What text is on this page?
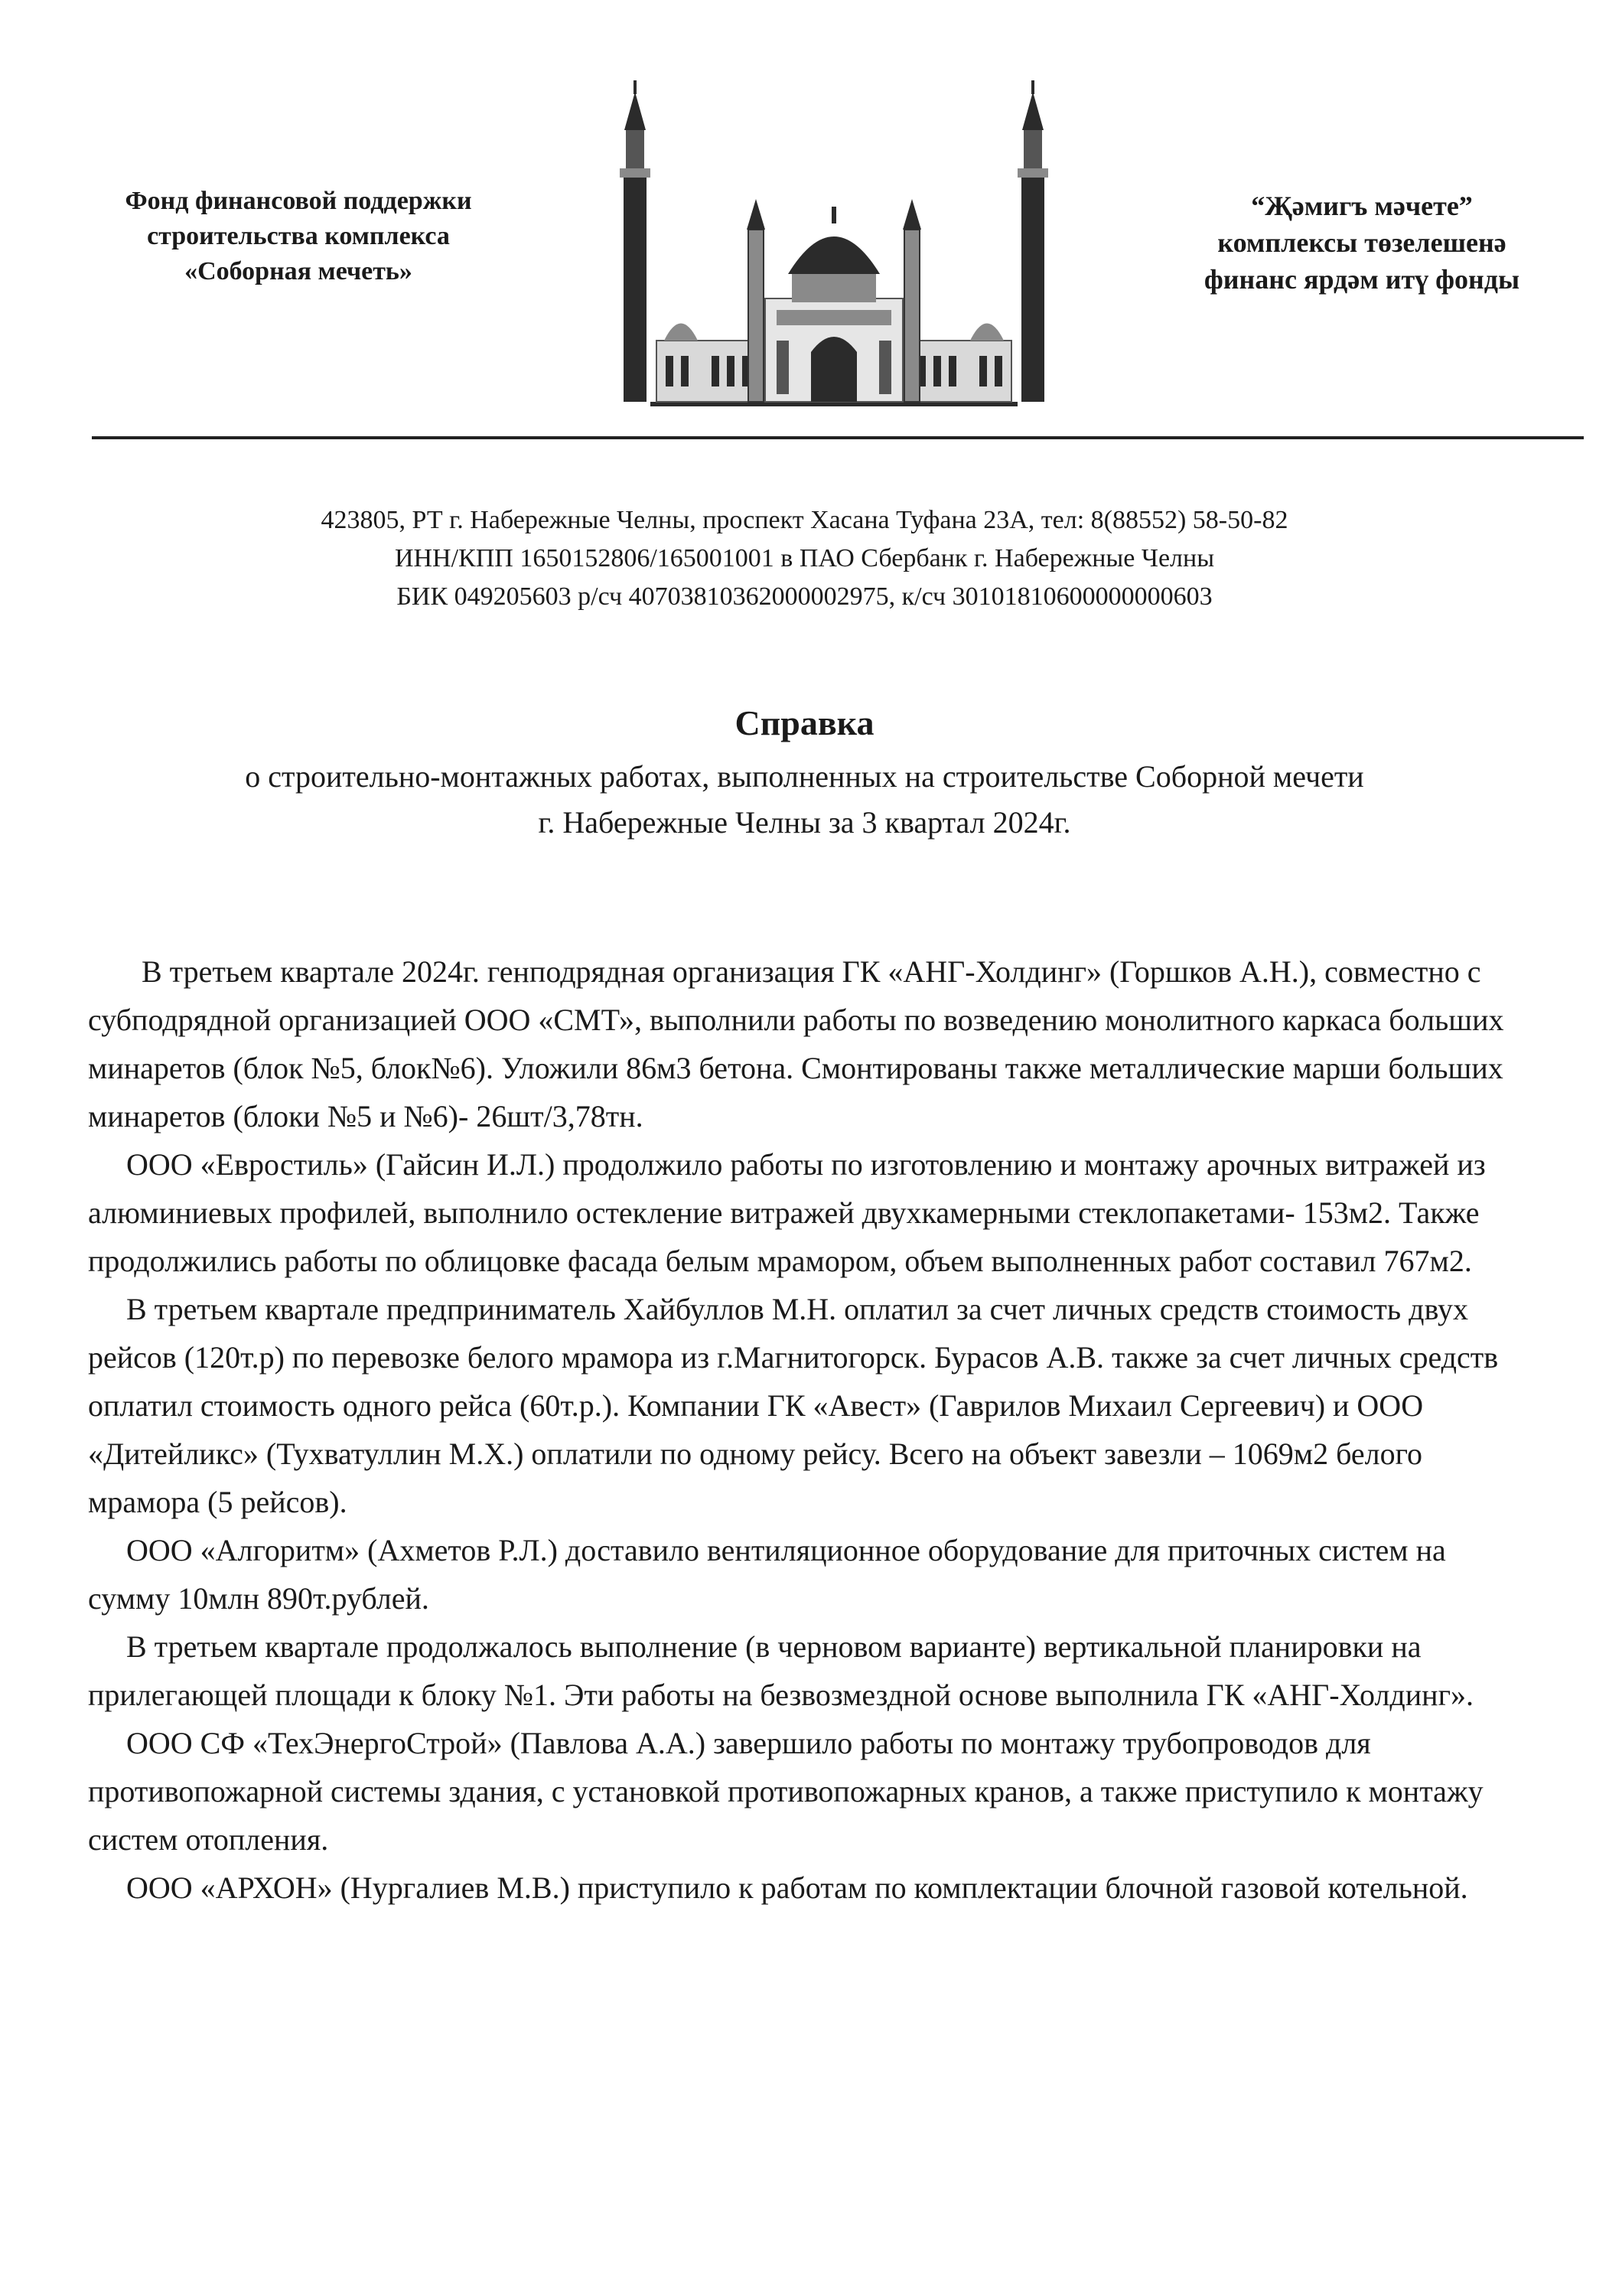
Фонд финансовой поддержки
строительства комплекса
«Соборная мечеть»
“Җәмигъ мәчете”
комплексы төзелешенә
финанс ярдәм итү фонды
423805, РТ г. Набережные Челны, проспект Хасана Туфана 23А, тел: 8(88552) 58-50-82
ИНН/КПП 1650152806/165001001 в ПАО Сбербанк г. Набережные Челны
БИК 049205603 р/сч 40703810362000002975, к/сч 30101810600000000603
Справка
о строительно-монтажных работах, выполненных на строительстве Соборной мечети
г. Набережные Челны за 3 квартал 2024г.

В третьем квартале 2024г. генподрядная организация ГК «АНГ-Холдинг» (Горшков А.Н.), совместно с субподрядной организацией ООО «СМТ», выполнили работы по возведению монолитного каркаса больших минаретов (блок №5, блок№6). Уложили 86м3 бетона. Смонтированы также металлические марши больших минаретов (блоки №5 и №6)- 26шт/3,78тн.

ООО «Евростиль» (Гайсин И.Л.) продолжило работы по изготовлению и монтажу арочных витражей из алюминиевых профилей, выполнило остекление витражей двухкамерными стеклопакетами- 153м2. Также продолжились работы по облицовке фасада белым мрамором, объем выполненных работ составил 767м2.

В третьем квартале предприниматель Хайбуллов М.Н. оплатил за счет личных средств стоимость двух рейсов (120т.р) по перевозке белого мрамора из г.Магнитогорск. Бурасов А.В. также за счет личных средств оплатил стоимость одного рейса (60т.р.). Компании ГК «Авест» (Гаврилов Михаил Сергеевич) и ООО «Дитейликс» (Тухватуллин М.Х.) оплатили по одному рейсу. Всего на объект завезли – 1069м2 белого мрамора (5 рейсов).

ООО «Алгоритм» (Ахметов Р.Л.) доставило вентиляционное оборудование для приточных систем на сумму 10млн 890т.рублей.

В третьем квартале продолжалось выполнение (в черновом варианте) вертикальной планировки на прилегающей площади к блоку №1. Эти работы на безвозмездной основе выполнила ГК «АНГ-Холдинг».

ООО СФ «ТехЭнергоСтрой» (Павлова А.А.) завершило работы по монтажу трубопроводов для противопожарной системы здания, с установкой противопожарных кранов, а также приступило к монтажу систем отопления.

ООО «АРХОН» (Нургалиев М.В.) приступило к работам по комплектации блочной газовой котельной.
